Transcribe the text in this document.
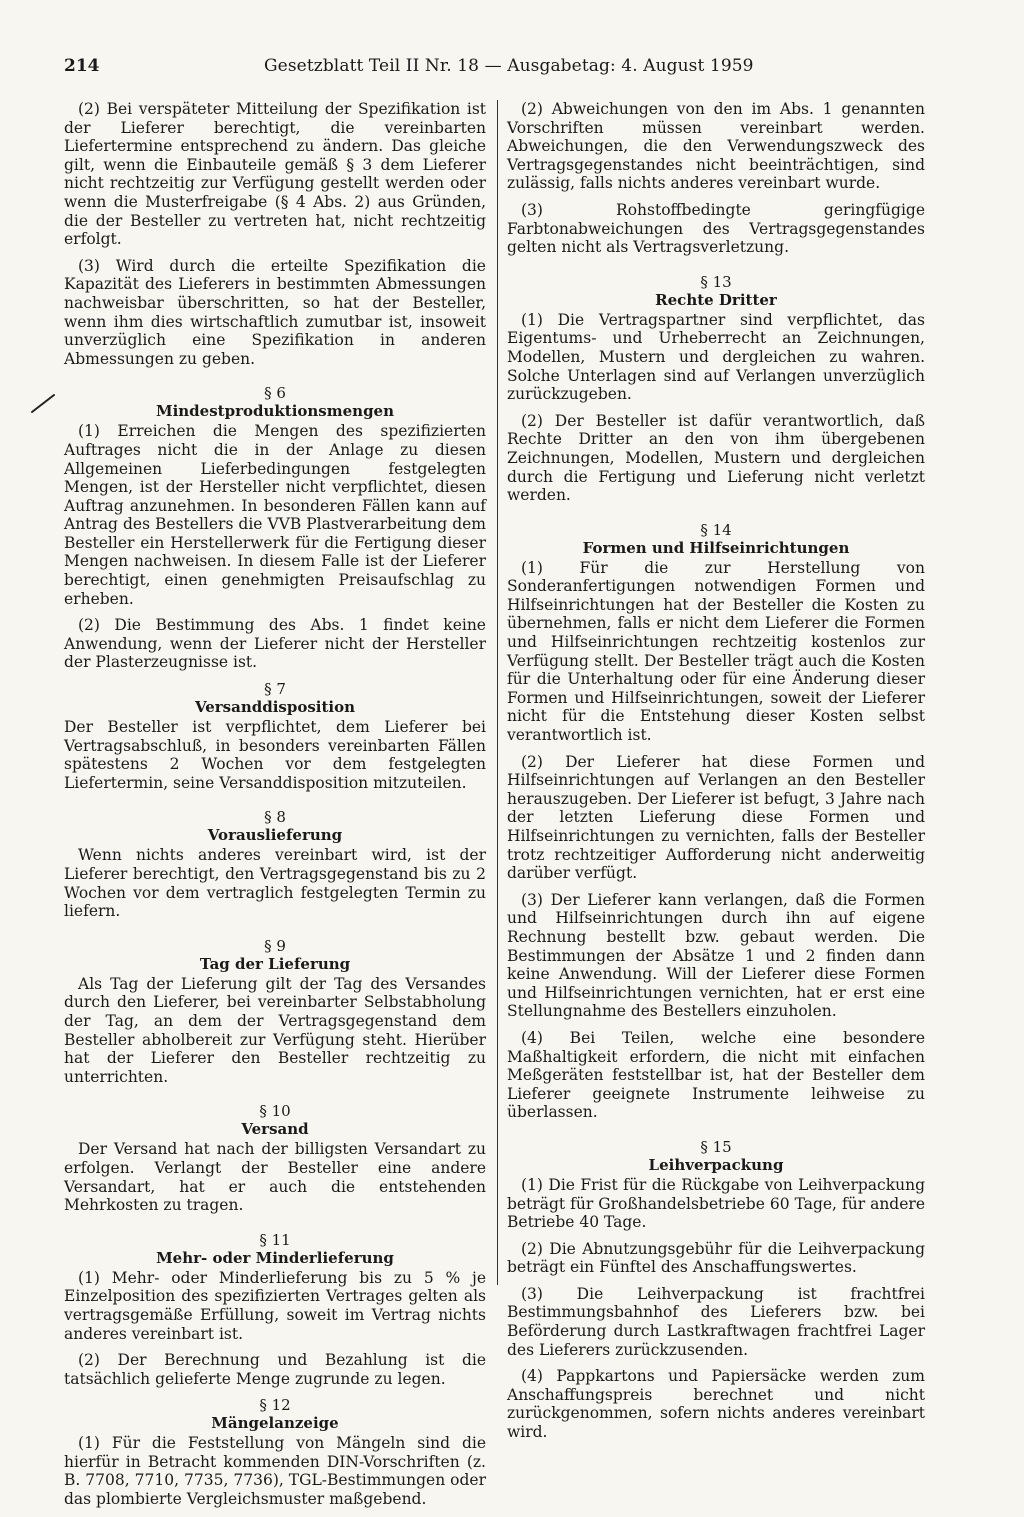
214	Gesetzblatt Teil II Nr. 18 — Ausgabetag: 4. August 1959

(2) Bei verspäteter Mitteilung der Spezifikation ist der Lieferer berechtigt, die vereinbarten Liefertermine entsprechend zu ändern. Das gleiche gilt, wenn die Einbauteile gemäß § 3 dem Lieferer nicht rechtzeitig zur Verfügung gestellt werden oder wenn die Musterfreigabe (§ 4 Abs. 2) aus Gründen, die der Besteller zu vertreten hat, nicht rechtzeitig erfolgt.

(3) Wird durch die erteilte Spezifikation die Kapazität des Lieferers in bestimmten Abmessungen nachweisbar überschritten, so hat der Besteller, wenn ihm dies wirtschaftlich zumutbar ist, insoweit unverzüglich eine Spezifikation in anderen Abmessungen zu geben.

§ 6
Mindestproduktionsmengen

(1) Erreichen die Mengen des spezifizierten Auftrages nicht die in der Anlage zu diesen Allgemeinen Lieferbedingungen festgelegten Mengen, ist der Hersteller nicht verpflichtet, diesen Auftrag anzunehmen. In besonderen Fällen kann auf Antrag des Bestellers die VVB Plastverarbeitung dem Besteller ein Herstellerwerk für die Fertigung dieser Mengen nachweisen. In diesem Falle ist der Lieferer berechtigt, einen genehmigten Preisaufschlag zu erheben.

(2) Die Bestimmung des Abs. 1 findet keine Anwendung, wenn der Lieferer nicht der Hersteller der Plasterzeugnisse ist.

§ 7
Versanddisposition

Der Besteller ist verpflichtet, dem Lieferer bei Vertragsabschluß, in besonders vereinbarten Fällen spätestens 2 Wochen vor dem festgelegten Liefertermin, seine Versanddisposition mitzuteilen.

§ 8
Vorauslieferung

Wenn nichts anderes vereinbart wird, ist der Lieferer berechtigt, den Vertragsgegenstand bis zu 2 Wochen vor dem vertraglich festgelegten Termin zu liefern.

§ 9
Tag der Lieferung

Als Tag der Lieferung gilt der Tag des Versandes durch den Lieferer, bei vereinbarter Selbstabholung der Tag, an dem der Vertragsgegenstand dem Besteller abholbereit zur Verfügung steht. Hierüber hat der Lieferer den Besteller rechtzeitig zu unterrichten.

§ 10
Versand

Der Versand hat nach der billigsten Versandart zu erfolgen. Verlangt der Besteller eine andere Versandart, hat er auch die entstehenden Mehrkosten zu tragen.

§ 11
Mehr- oder Minderlieferung

(1) Mehr- oder Minderlieferung bis zu 5 % je Einzelposition des spezifizierten Vertrages gelten als vertragsgemäße Erfüllung, soweit im Vertrag nichts anderes vereinbart ist.

(2) Der Berechnung und Bezahlung ist die tatsächlich gelieferte Menge zugrunde zu legen.

§ 12
Mängelanzeige

(1) Für die Feststellung von Mängeln sind die hierfür in Betracht kommenden DIN-Vorschriften (z. B. 7708, 7710, 7735, 7736), TGL-Bestimmungen oder das plombierte Vergleichsmuster maßgebend.

(2) Abweichungen von den im Abs. 1 genannten Vorschriften müssen vereinbart werden. Abweichungen, die den Verwendungszweck des Vertragsgegenstandes nicht beeinträchtigen, sind zulässig, falls nichts anderes vereinbart wurde.

(3) Rohstoffbedingte geringfügige Farbtonabweichungen des Vertragsgegenstandes gelten nicht als Vertragsverletzung.

§ 13
Rechte Dritter

(1) Die Vertragspartner sind verpflichtet, das Eigentums- und Urheberrecht an Zeichnungen, Modellen, Mustern und dergleichen zu wahren. Solche Unterlagen sind auf Verlangen unverzüglich zurückzugeben.

(2) Der Besteller ist dafür verantwortlich, daß Rechte Dritter an den von ihm übergebenen Zeichnungen, Modellen, Mustern und dergleichen durch die Fertigung und Lieferung nicht verletzt werden.

§ 14
Formen und Hilfseinrichtungen

(1) Für die zur Herstellung von Sonderanfertigungen notwendigen Formen und Hilfseinrichtungen hat der Besteller die Kosten zu übernehmen, falls er nicht dem Lieferer die Formen und Hilfseinrichtungen rechtzeitig kostenlos zur Verfügung stellt. Der Besteller trägt auch die Kosten für die Unterhaltung oder für eine Änderung dieser Formen und Hilfseinrichtungen, soweit der Lieferer nicht für die Entstehung dieser Kosten selbst verantwortlich ist.

(2) Der Lieferer hat diese Formen und Hilfseinrichtungen auf Verlangen an den Besteller herauszugeben. Der Lieferer ist befugt, 3 Jahre nach der letzten Lieferung diese Formen und Hilfseinrichtungen zu vernichten, falls der Besteller trotz rechtzeitiger Aufforderung nicht anderweitig darüber verfügt.

(3) Der Lieferer kann verlangen, daß die Formen und Hilfseinrichtungen durch ihn auf eigene Rechnung bestellt bzw. gebaut werden. Die Bestimmungen der Absätze 1 und 2 finden dann keine Anwendung. Will der Lieferer diese Formen und Hilfseinrichtungen vernichten, hat er erst eine Stellungnahme des Bestellers einzuholen.

(4) Bei Teilen, welche eine besondere Maßhaltigkeit erfordern, die nicht mit einfachen Meßgeräten feststellbar ist, hat der Besteller dem Lieferer geeignete Instrumente leihweise zu überlassen.

§ 15
Leihverpackung

(1) Die Frist für die Rückgabe von Leihverpackung beträgt für Großhandelsbetriebe 60 Tage, für andere Betriebe 40 Tage.

(2) Die Abnutzungsgebühr für die Leihverpackung beträgt ein Fünftel des Anschaffungswertes.

(3) Die Leihverpackung ist frachtfrei Bestimmungsbahnhof des Lieferers bzw. bei Beförderung durch Lastkraftwagen frachtfrei Lager des Lieferers zurückzusenden.

(4) Pappkartons und Papiersäcke werden zum Anschaffungspreis berechnet und nicht zurückgenommen, sofern nichts anderes vereinbart wird.
